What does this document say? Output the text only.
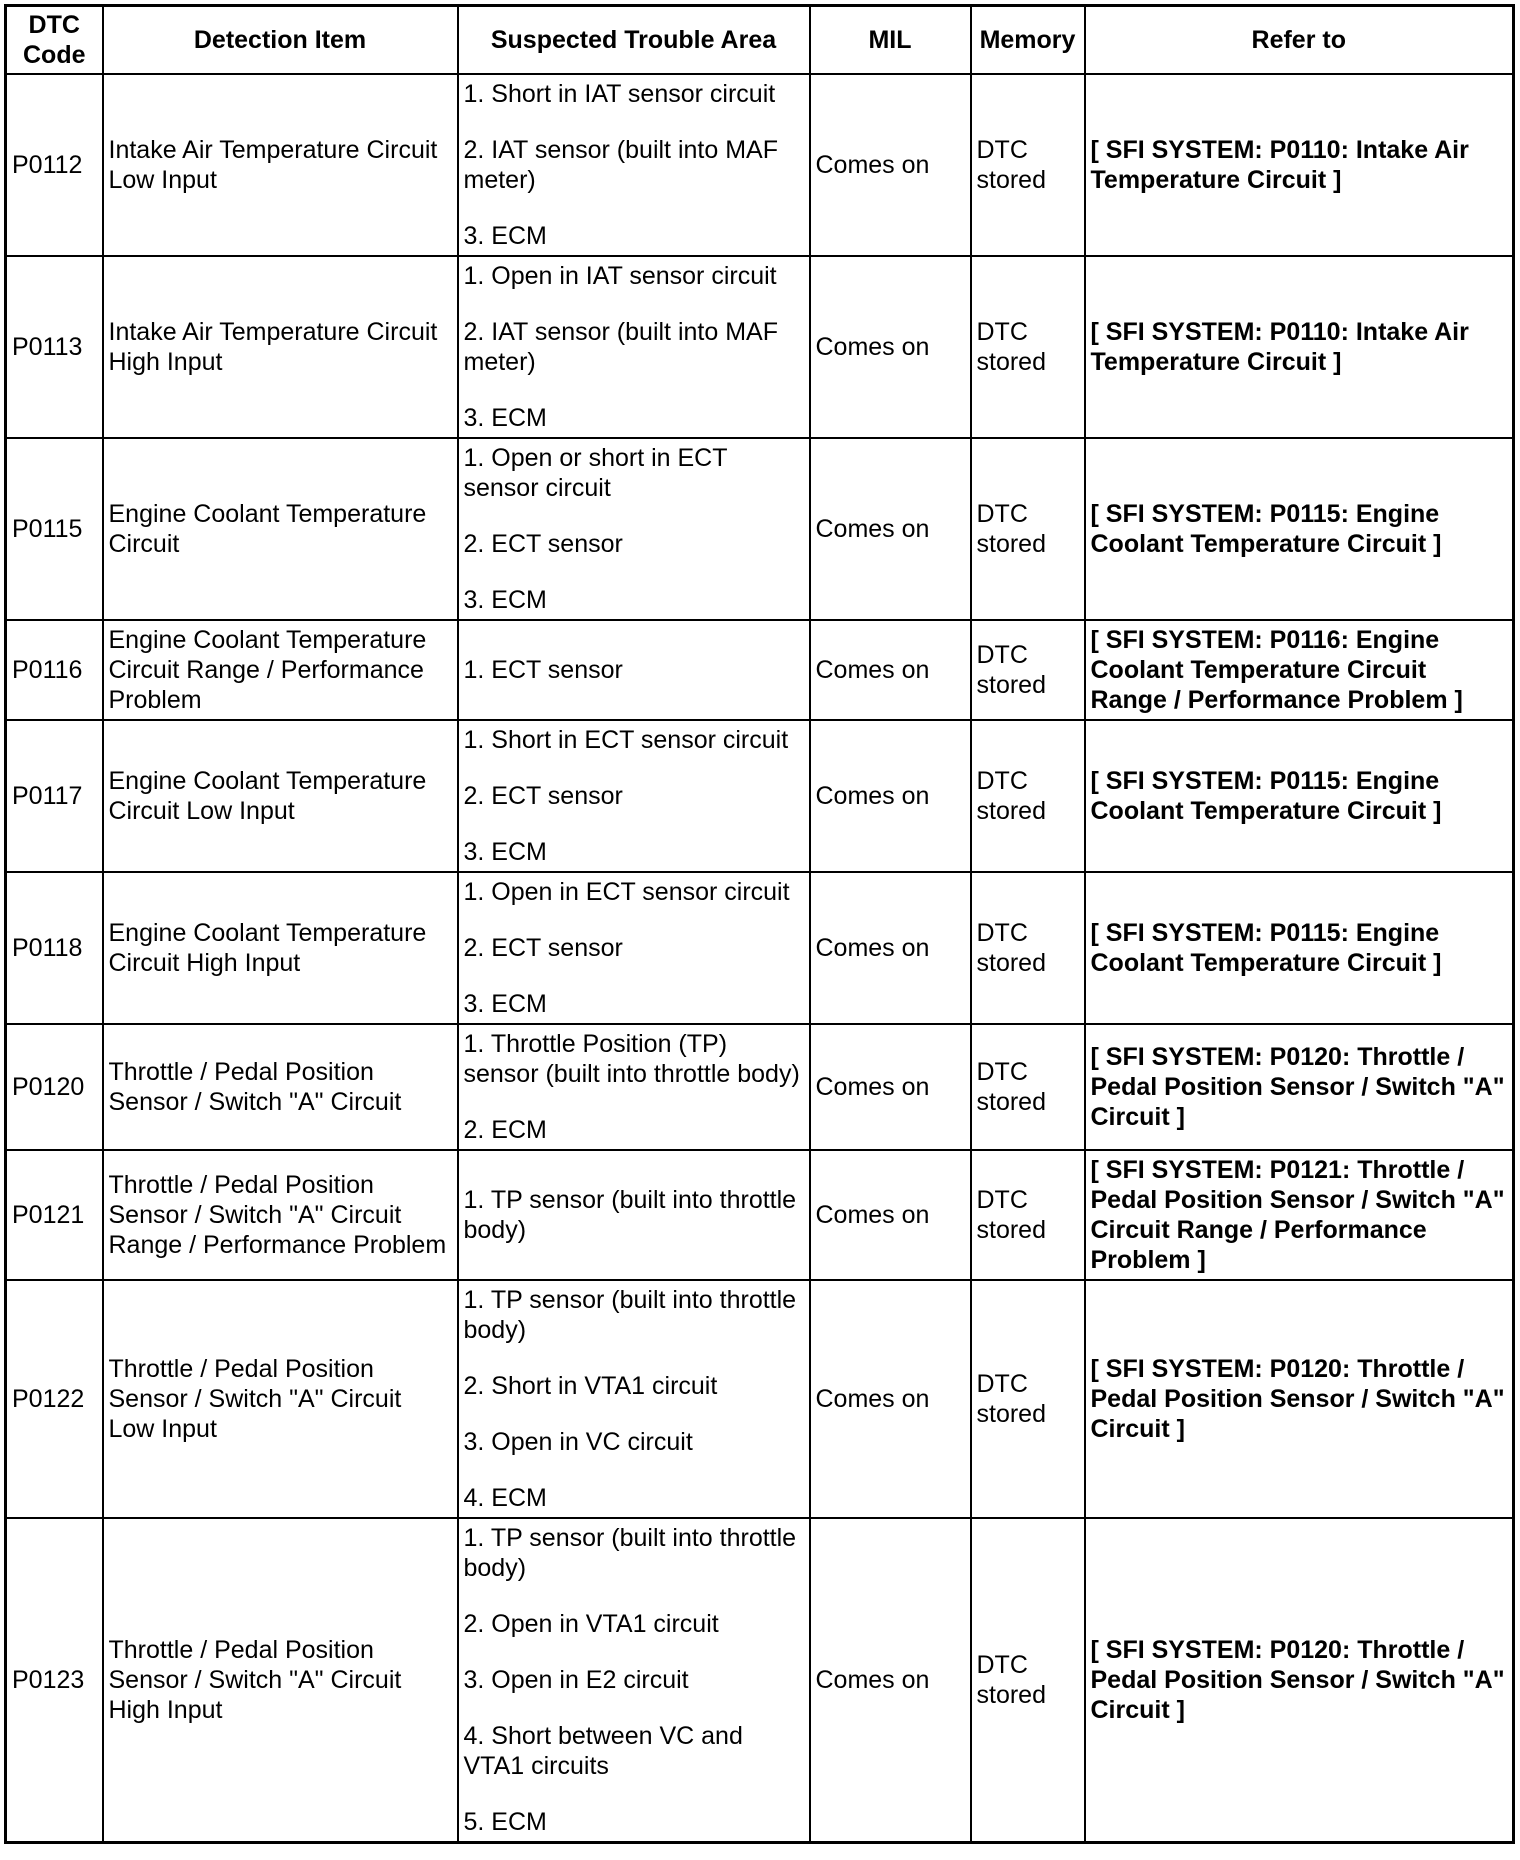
DTC Code	Detection Item	Suspected Trouble Area	MIL	Memory	Refer to
P0112	Intake Air Temperature Circuit Low Input	1. Short in IAT sensor circuit
2. IAT sensor (built into MAF meter)
3. ECM	Comes on	DTC stored	[ SFI SYSTEM: P0110: Intake Air Temperature Circuit ]
P0113	Intake Air Temperature Circuit High Input	1. Open in IAT sensor circuit
2. IAT sensor (built into MAF meter)
3. ECM	Comes on	DTC stored	[ SFI SYSTEM: P0110: Intake Air Temperature Circuit ]
P0115	Engine Coolant Temperature Circuit	1. Open or short in ECT sensor circuit
2. ECT sensor
3. ECM	Comes on	DTC stored	[ SFI SYSTEM: P0115: Engine Coolant Temperature Circuit ]
P0116	Engine Coolant Temperature Circuit Range / Performance Problem	1. ECT sensor	Comes on	DTC stored	[ SFI SYSTEM: P0116: Engine Coolant Temperature Circuit Range / Performance Problem ]
P0117	Engine Coolant Temperature Circuit Low Input	1. Short in ECT sensor circuit
2. ECT sensor
3. ECM	Comes on	DTC stored	[ SFI SYSTEM: P0115: Engine Coolant Temperature Circuit ]
P0118	Engine Coolant Temperature Circuit High Input	1. Open in ECT sensor circuit
2. ECT sensor
3. ECM	Comes on	DTC stored	[ SFI SYSTEM: P0115: Engine Coolant Temperature Circuit ]
P0120	Throttle / Pedal Position Sensor / Switch "A" Circuit	1. Throttle Position (TP) sensor (built into throttle body)
2. ECM	Comes on	DTC stored	[ SFI SYSTEM: P0120: Throttle / Pedal Position Sensor / Switch "A" Circuit ]
P0121	Throttle / Pedal Position Sensor / Switch "A" Circuit Range / Performance Problem	1. TP sensor (built into throttle body)	Comes on	DTC stored	[ SFI SYSTEM: P0121: Throttle / Pedal Position Sensor / Switch "A" Circuit Range / Performance Problem ]
P0122	Throttle / Pedal Position Sensor / Switch "A" Circuit Low Input	1. TP sensor (built into throttle body)
2. Short in VTA1 circuit
3. Open in VC circuit
4. ECM	Comes on	DTC stored	[ SFI SYSTEM: P0120: Throttle / Pedal Position Sensor / Switch "A" Circuit ]
P0123	Throttle / Pedal Position Sensor / Switch "A" Circuit High Input	1. TP sensor (built into throttle body)
2. Open in VTA1 circuit
3. Open in E2 circuit
4. Short between VC and VTA1 circuits
5. ECM	Comes on	DTC stored	[ SFI SYSTEM: P0120: Throttle / Pedal Position Sensor / Switch "A" Circuit ]
